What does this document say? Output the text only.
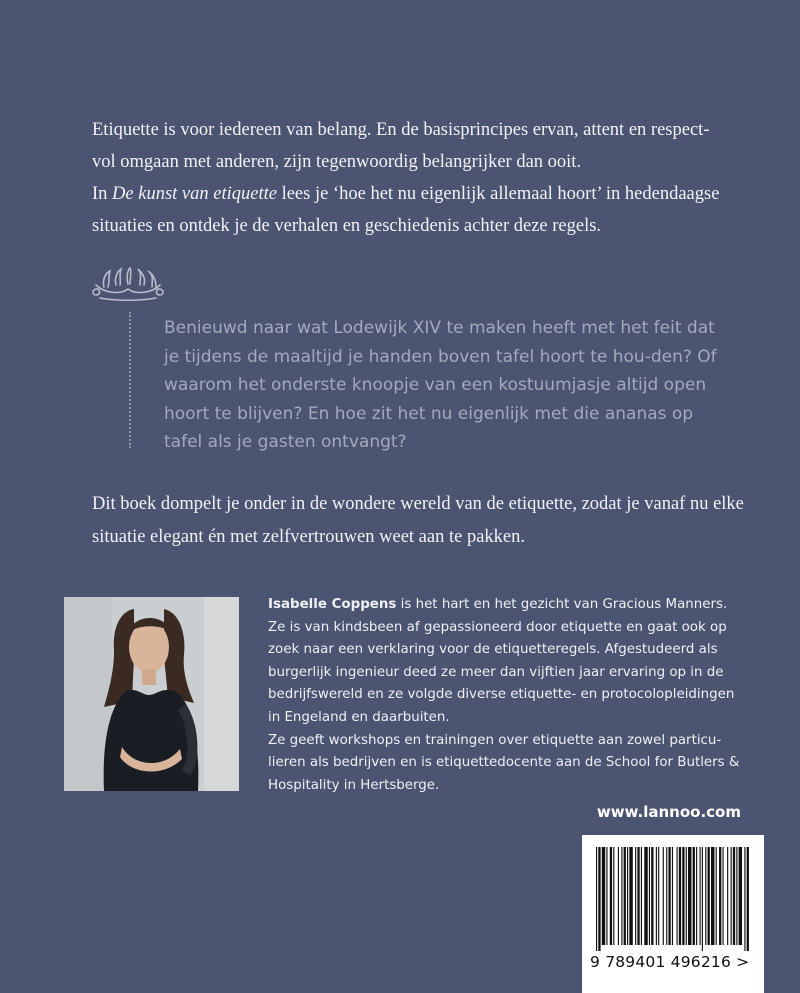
Etiquette is voor iedereen van belang. En de basisprincipes ervan, attent en respect-vol omgaan met anderen, zijn tegenwoordig belangrijker dan ooit.

In De kunst van etiquette lees je ‘hoe het nu eigenlijk allemaal hoort’ in hedendaagse situaties en ontdek je de verhalen en geschiedenis achter deze regels.

Benieuwd naar wat Lodewijk XIV te maken heeft met het feit dat je tijdens de maaltijd je handen boven tafel hoort te hou-den? Of waarom het onderste knoopje van een kostuumjasje altijd open hoort te blijven? En hoe zit het nu eigenlijk met die ananas op tafel als je gasten ontvangt?

Dit boek dompelt je onder in de wondere wereld van de etiquette, zodat je vanaf nu elke situatie elegant én met zelfvertrouwen weet aan te pakken.

Isabelle Coppens is het hart en het gezicht van Gracious Manners. Ze is van kindsbeen af gepassioneerd door etiquette en gaat ook op zoek naar een verklaring voor de etiquetteregels. Afgestudeerd als burgerlijk ingenieur deed ze meer dan vijftien jaar ervaring op in de bedrijfswereld en ze volgde diverse etiquette- en protocolopleidingen in Engeland en daarbuiten.

Ze geeft workshops en trainingen over etiquette aan zowel particu-lieren als bedrijven en is etiquettedocente aan de School for Butlers & Hospitality in Hertsberge.

www.lannoo.com
9 789401 496216 >
